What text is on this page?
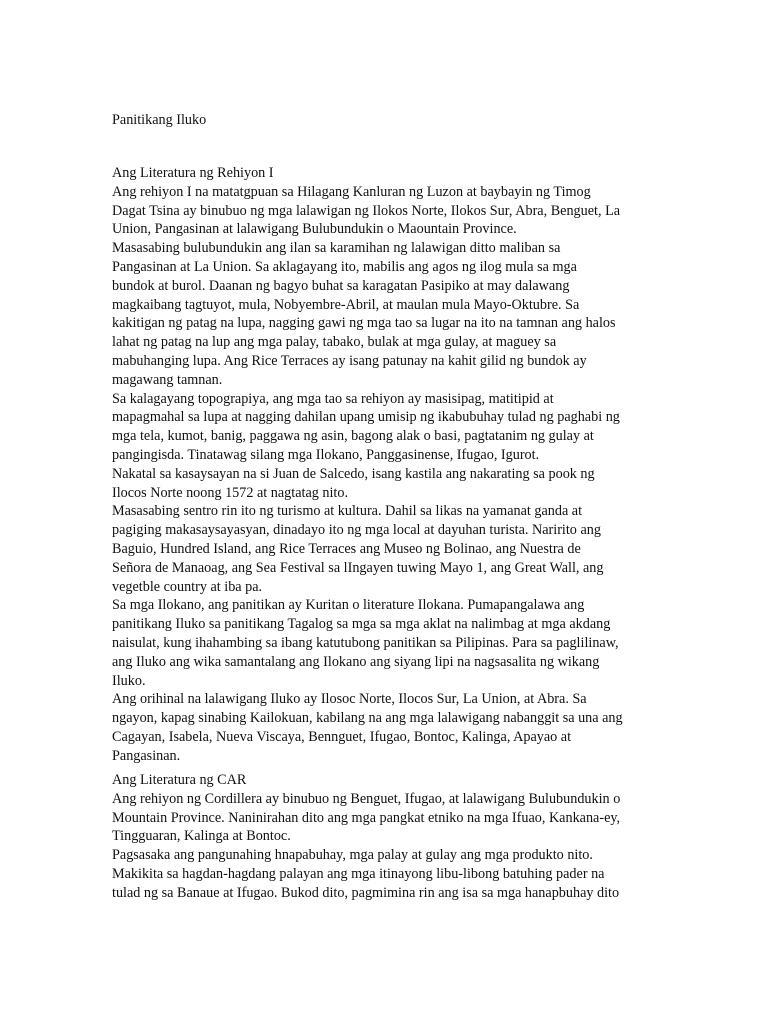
Panitikang Iluko
Ang Literatura ng Rehiyon I
Ang rehiyon I na matatgpuan sa Hilagang Kanluran ng Luzon at baybayin ng Timog
Dagat Tsina ay binubuo ng mga lalawigan ng Ilokos Norte, Ilokos Sur, Abra, Benguet, La
Union, Pangasinan at lalawigang Bulubundukin o Maountain Province.
Masasabing bulubundukin ang ilan sa karamihan ng lalawigan ditto maliban sa
Pangasinan at La Union. Sa aklagayang ito, mabilis ang agos ng ilog mula sa mga
bundok at burol. Daanan ng bagyo buhat sa karagatan Pasipiko at may dalawang
magkaibang tagtuyot, mula, Nobyembre-Abril, at maulan mula Mayo-Oktubre. Sa
kakitigan ng patag na lupa, nagging gawi ng mga tao sa lugar na ito na tamnan ang halos
lahat ng patag na lup ang mga palay, tabako, bulak at mga gulay, at maguey sa
mabuhanging lupa. Ang Rice Terraces ay isang patunay na kahit gilid ng bundok ay
magawang tamnan.
Sa kalagayang topograpiya, ang mga tao sa rehiyon ay masisipag, matitipid at
mapagmahal sa lupa at nagging dahilan upang umisip ng ikabubuhay tulad ng paghabi ng
mga tela, kumot, banig, paggawa ng asin, bagong alak o basi, pagtatanim ng gulay at
pangingisda. Tinatawag silang mga Ilokano, Panggasinense, Ifugao, Igurot.
Nakatal sa kasaysayan na si Juan de Salcedo, isang kastila ang nakarating sa pook ng
Ilocos Norte noong 1572 at nagtatag nito.
Masasabing sentro rin ito ng turismo at kultura. Dahil sa likas na yamanat ganda at
pagiging makasaysayasyan, dinadayo ito ng mga local at dayuhan turista. Naririto ang
Baguio, Hundred Island, ang Rice Terraces ang Museo ng Bolinao, ang Nuestra de
Señora de Manaoag, ang Sea Festival sa lIngayen tuwing Mayo 1, ang Great Wall, ang
vegetble country at iba pa.
Sa mga Ilokano, ang panitikan ay Kuritan o literature Ilokana. Pumapangalawa ang
panitikang Iluko sa panitikang Tagalog sa mga sa mga aklat na nalimbag at mga akdang
naisulat, kung ihahambing sa ibang katutubong panitikan sa Pilipinas. Para sa paglilinaw,
ang Iluko ang wika samantalang ang Ilokano ang siyang lipi na nagsasalita ng wikang
Iluko.
Ang orihinal na lalawigang Iluko ay Ilosoc Norte, Ilocos Sur, La Union, at Abra. Sa
ngayon, kapag sinabing Kailokuan, kabilang na ang mga lalawigang nabanggit sa una ang
Cagayan, Isabela, Nueva Viscaya, Bennguet, Ifugao, Bontoc, Kalinga, Apayao at
Pangasinan.
Ang Literatura ng CAR
Ang rehiyon ng Cordillera ay binubuo ng Benguet, Ifugao, at lalawigang Bulubundukin o
Mountain Province. Naninirahan dito ang mga pangkat etniko na mga Ifuao, Kankana-ey,
Tingguaran, Kalinga at Bontoc.
Pagsasaka ang pangunahing hnapabuhay, mga palay at gulay ang mga produkto nito.
Makikita sa hagdan-hagdang palayan ang mga itinayong libu-libong batuhing pader na
tulad ng sa Banaue at Ifugao. Bukod dito, pagmimina rin ang isa sa mga hanapbuhay dito
